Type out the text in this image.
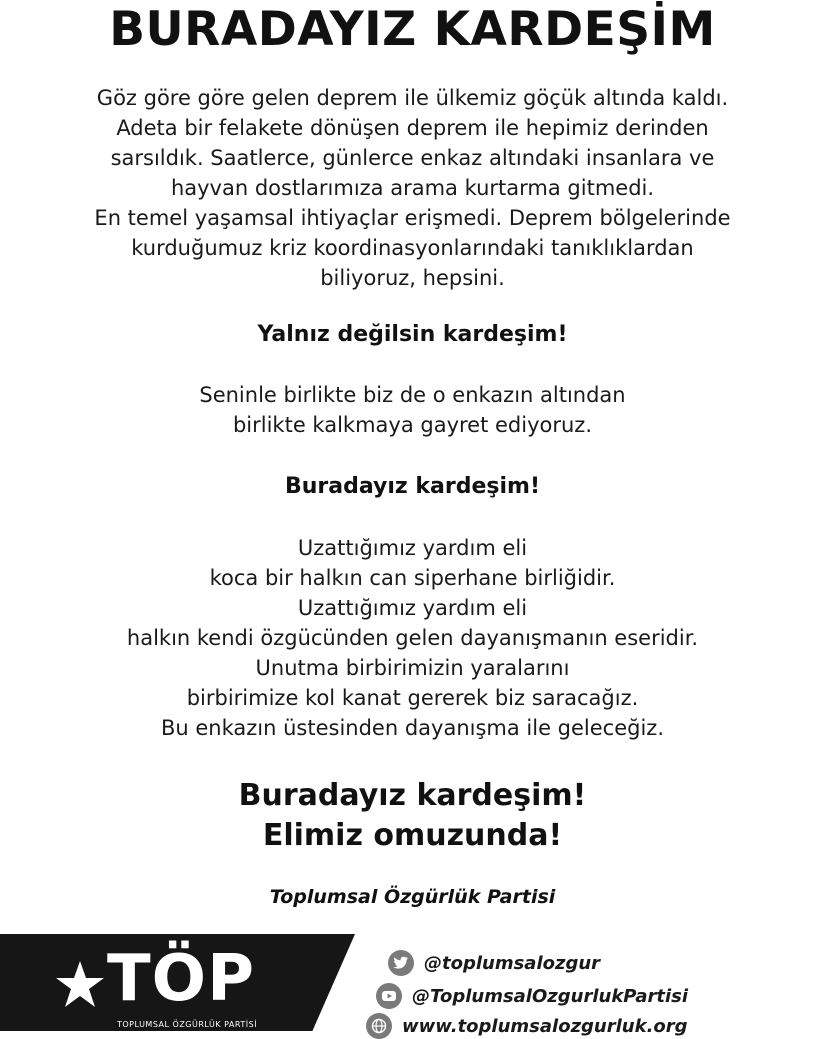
BURADAYIZ KARDEŞİM
Göz göre göre gelen deprem ile ülkemiz göçük altında kaldı.
Adeta bir felakete dönüşen deprem ile hepimiz derinden
sarsıldık. Saatlerce, günlerce enkaz altındaki insanlara ve
hayvan dostlarımıza arama kurtarma gitmedi.
En temel yaşamsal ihtiyaçlar erişmedi. Deprem bölgelerinde
kurduğumuz kriz koordinasyonlarındaki tanıklıklardan
biliyoruz, hepsini.
Yalnız değilsin kardeşim!
Seninle birlikte biz de o enkazın altından
birlikte kalkmaya gayret ediyoruz.
Buradayız kardeşim!
Uzattığımız yardım eli
koca bir halkın can siperhane birliğidir.
Uzattığımız yardım eli
halkın kendi özgücünden gelen dayanışmanın eseridir.
Unutma birbirimizin yaralarını
birbirimize kol kanat gererek biz saracağız.
Bu enkazın üstesinden dayanışma ile geleceğiz.
Buradayız kardeşim!
Elimiz omuzunda!
Toplumsal Özgürlük Partisi
TÖP
TOPLUMSAL ÖZGÜRLÜK PARTİSİ
@toplumsalozgur
@ToplumsalOzgurlukPartisi
www.toplumsalozgurluk.org
